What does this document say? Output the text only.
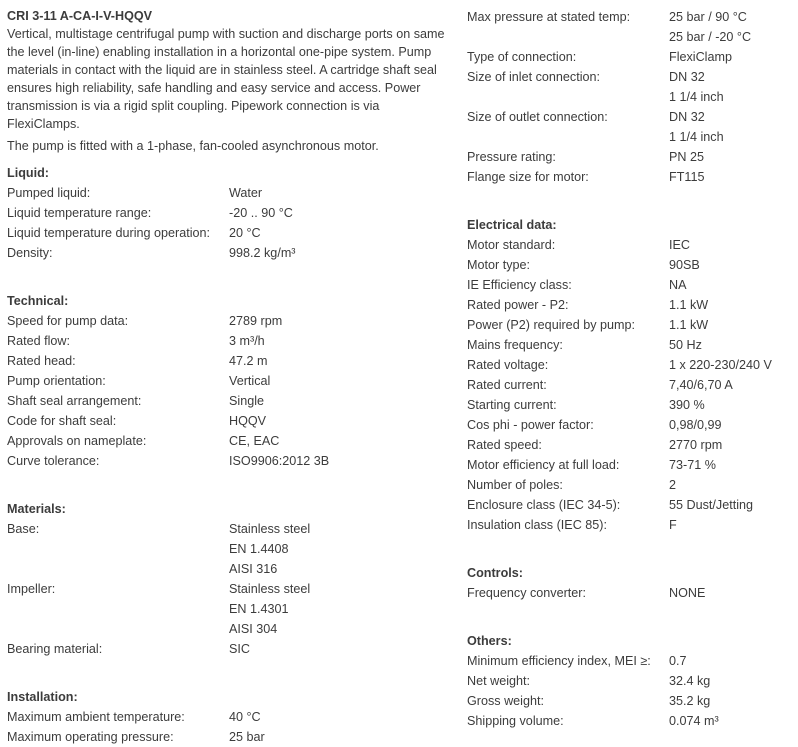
CRI 3-11 A-CA-I-V-HQQV

Vertical, multistage centrifugal pump with suction and discharge ports on same the level (in-line) enabling installation in a horizontal one-pipe system. Pump materials in contact with the liquid are in stainless steel. A cartridge shaft seal ensures high reliability, safe handling and easy service and access. Power transmission is via a rigid split coupling. Pipework connection is via FlexiClamps.

The pump is fitted with a 1-phase, fan-cooled asynchronous motor.

Liquid:
Pumped liquid:	Water
Liquid temperature range:	-20 .. 90 °C
Liquid temperature during operation:	20 °C
Density:	998.2 kg/m³
Technical:
Speed for pump data:	2789 rpm
Rated flow:	3 m³/h
Rated head:	47.2 m
Pump orientation:	Vertical
Shaft seal arrangement:	Single
Code for shaft seal:	HQQV
Approvals on nameplate:	CE, EAC
Curve tolerance:	ISO9906:2012 3B
Materials:
Base:	Stainless steel
EN 1.4408
AISI 316
Impeller:	Stainless steel
EN 1.4301
AISI 304
Bearing material:	SIC
Installation:
Maximum ambient temperature:	40 °C
Maximum operating pressure:	25 bar
Max pressure at stated temp:	25 bar / 90 °C
25 bar / -20 °C
Type of connection:	FlexiClamp
Size of inlet connection:	DN 32
1 1/4 inch
Size of outlet connection:	DN 32
1 1/4 inch
Pressure rating:	PN 25
Flange size for motor:	FT115
Electrical data:
Motor standard:	IEC
Motor type:	90SB
IE Efficiency class:	NA
Rated power - P2:	1.1 kW
Power (P2) required by pump:	1.1 kW
Mains frequency:	50 Hz
Rated voltage:	1 x 220-230/240 V
Rated current:	7,40/6,70 A
Starting current:	390 %
Cos phi - power factor:	0,98/0,99
Rated speed:	2770 rpm
Motor efficiency at full load:	73-71 %
Number of poles:	2
Enclosure class (IEC 34-5):	55 Dust/Jetting
Insulation class (IEC 85):	F
Controls:
Frequency converter:	NONE
Others:
Minimum efficiency index, MEI ≥:	0.7
Net weight:	32.4 kg
Gross weight:	35.2 kg
Shipping volume:	0.074 m³
